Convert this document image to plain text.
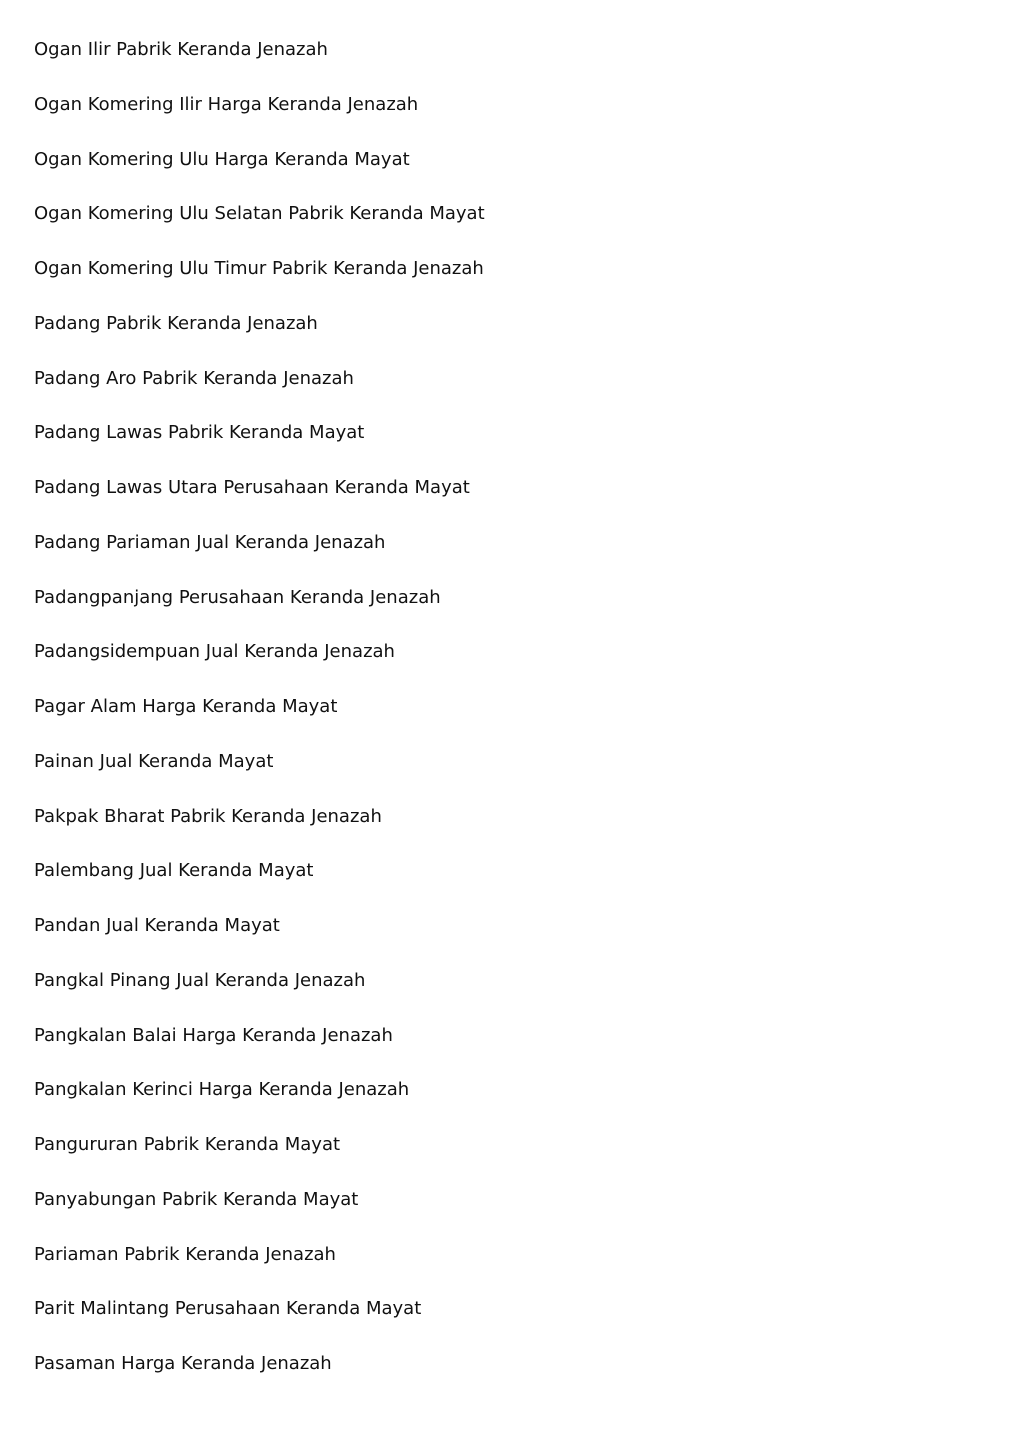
Ogan Ilir Pabrik Keranda Jenazah
Ogan Komering Ilir Harga Keranda Jenazah
Ogan Komering Ulu Harga Keranda Mayat
Ogan Komering Ulu Selatan Pabrik Keranda Mayat
Ogan Komering Ulu Timur Pabrik Keranda Jenazah
Padang Pabrik Keranda Jenazah
Padang Aro Pabrik Keranda Jenazah
Padang Lawas Pabrik Keranda Mayat
Padang Lawas Utara Perusahaan Keranda Mayat
Padang Pariaman Jual Keranda Jenazah
Padangpanjang Perusahaan Keranda Jenazah
Padangsidempuan Jual Keranda Jenazah
Pagar Alam Harga Keranda Mayat
Painan Jual Keranda Mayat
Pakpak Bharat Pabrik Keranda Jenazah
Palembang Jual Keranda Mayat
Pandan Jual Keranda Mayat
Pangkal Pinang Jual Keranda Jenazah
Pangkalan Balai Harga Keranda Jenazah
Pangkalan Kerinci Harga Keranda Jenazah
Pangururan Pabrik Keranda Mayat
Panyabungan Pabrik Keranda Mayat
Pariaman Pabrik Keranda Jenazah
Parit Malintang Perusahaan Keranda Mayat
Pasaman Harga Keranda Jenazah
